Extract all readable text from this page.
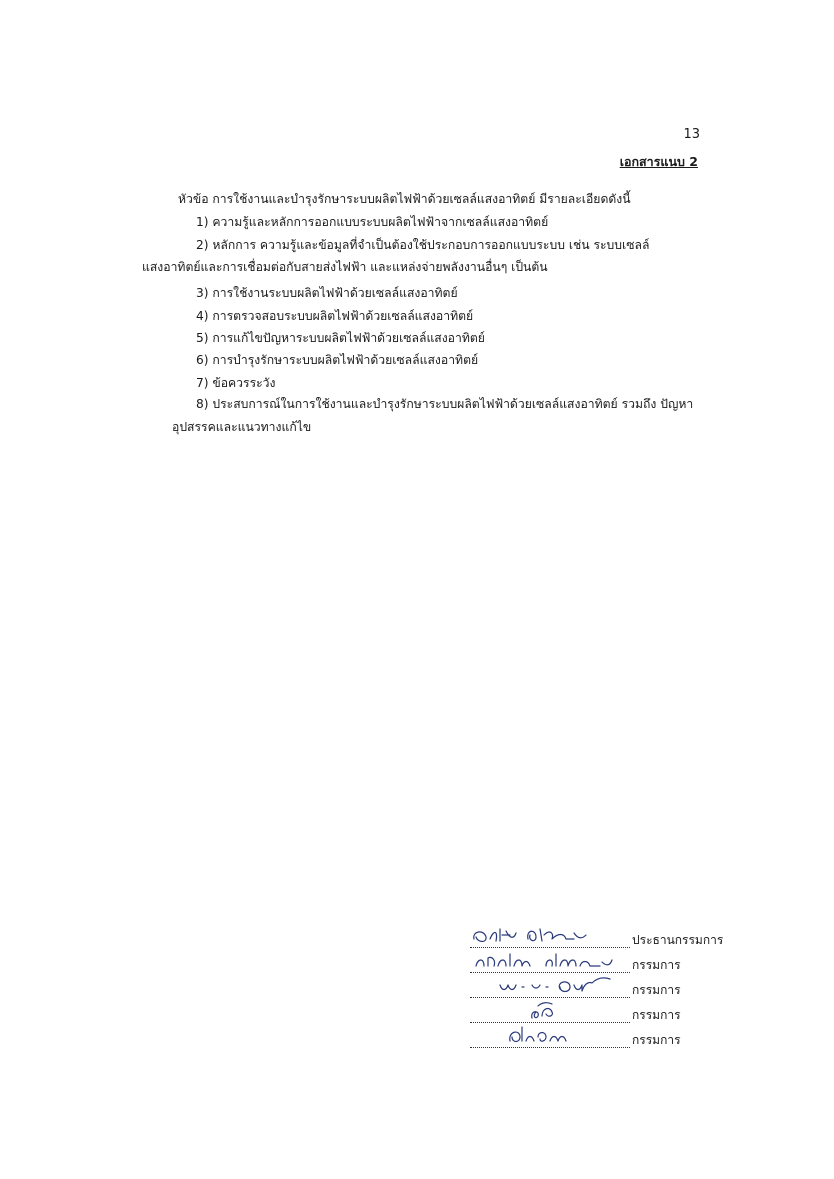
13
เอกสารแนบ 2
หัวข้อ การใช้งานและบำรุงรักษาระบบผลิตไฟฟ้าด้วยเซลล์แสงอาทิตย์ มีรายละเอียดดังนี้
1) ความรู้และหลักการออกแบบระบบผลิตไฟฟ้าจากเซลล์แสงอาทิตย์
2) หลักการ ความรู้และข้อมูลที่จำเป็นต้องใช้ประกอบการออกแบบระบบ เช่น ระบบเซลล์
แสงอาทิตย์และการเชื่อมต่อกับสายส่งไฟฟ้า และแหล่งจ่ายพลังงานอื่นๆ เป็นต้น
3) การใช้งานระบบผลิตไฟฟ้าด้วยเซลล์แสงอาทิตย์
4) การตรวจสอบระบบผลิตไฟฟ้าด้วยเซลล์แสงอาทิตย์
5) การแก้ไขปัญหาระบบผลิตไฟฟ้าด้วยเซลล์แสงอาทิตย์
6) การบำรุงรักษาระบบผลิตไฟฟ้าด้วยเซลล์แสงอาทิตย์
7) ข้อควรระวัง
8) ประสบการณ์ในการใช้งานและบำรุงรักษาระบบผลิตไฟฟ้าด้วยเซลล์แสงอาทิตย์ รวมถึง ปัญหา
อุปสรรคและแนวทางแก้ไข
ประธานกรรมการ
กรรมการ
กรรมการ
กรรมการ
กรรมการ
